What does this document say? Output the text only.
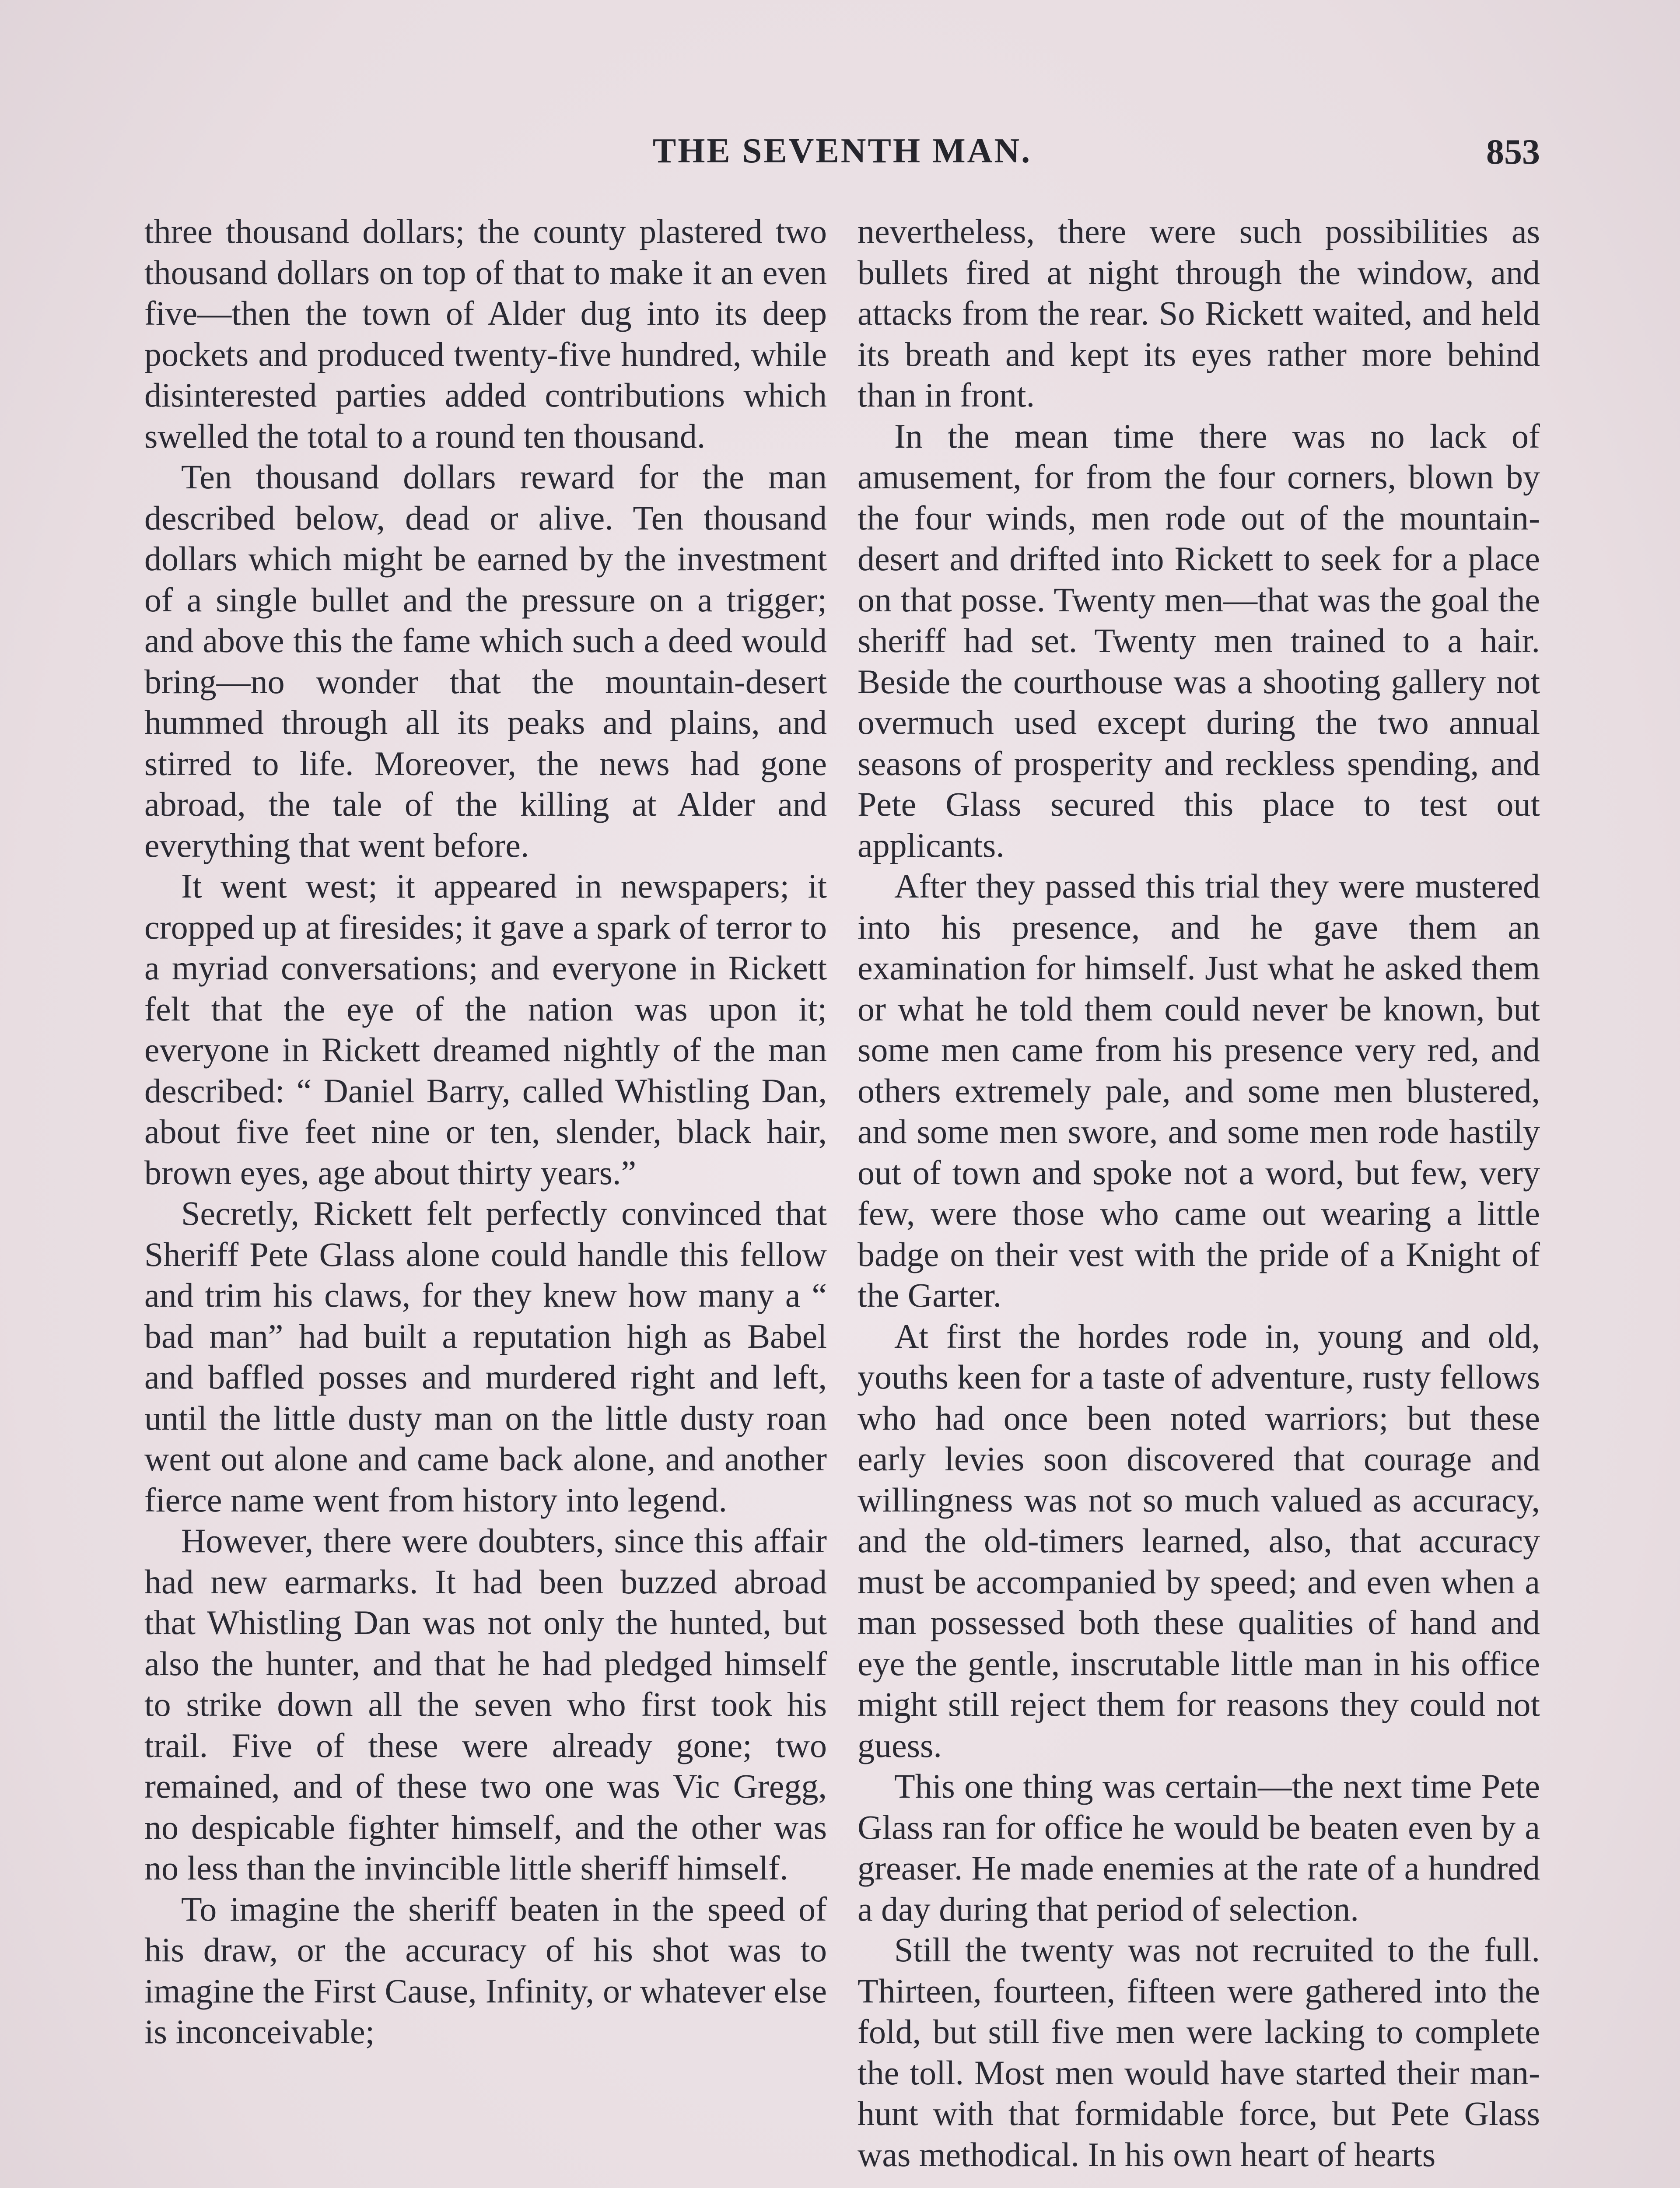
THE SEVENTH MAN.	853

three thousand dollars; the county plastered two thousand dollars on top of that to make it an even five—then the town of Alder dug into its deep pockets and produced twenty-five hundred, while disinterested parties added contributions which swelled the total to a round ten thousand.

Ten thousand dollars reward for the man described below, dead or alive. Ten thousand dollars which might be earned by the investment of a single bullet and the pressure on a trigger; and above this the fame which such a deed would bring—no wonder that the mountain-desert hummed through all its peaks and plains, and stirred to life. Moreover, the news had gone abroad, the tale of the killing at Alder and everything that went before.

It went west; it appeared in newspapers; it cropped up at firesides; it gave a spark of terror to a myriad conversations; and everyone in Rickett felt that the eye of the nation was upon it; everyone in Rickett dreamed nightly of the man described: “ Daniel Barry, called Whistling Dan, about five feet nine or ten, slender, black hair, brown eyes, age about thirty years.”

Secretly, Rickett felt perfectly convinced that Sheriff Pete Glass alone could handle this fellow and trim his claws, for they knew how many a “ bad man” had built a reputation high as Babel and baffled posses and murdered right and left, until the little dusty man on the little dusty roan went out alone and came back alone, and another fierce name went from history into legend.

However, there were doubters, since this affair had new earmarks. It had been buzzed abroad that Whistling Dan was not only the hunted, but also the hunter, and that he had pledged himself to strike down all the seven who first took his trail. Five of these were already gone; two remained, and of these two one was Vic Gregg, no despicable fighter himself, and the other was no less than the invincible little sheriff himself.

To imagine the sheriff beaten in the speed of his draw, or the accuracy of his shot was to imagine the First Cause, Infinity, or whatever else is inconceivable;

nevertheless, there were such possibilities as bullets fired at night through the window, and attacks from the rear. So Rickett waited, and held its breath and kept its eyes rather more behind than in front.

In the mean time there was no lack of amusement, for from the four corners, blown by the four winds, men rode out of the mountain-desert and drifted into Rickett to seek for a place on that posse. Twenty men—that was the goal the sheriff had set. Twenty men trained to a hair. Beside the courthouse was a shooting gallery not overmuch used except during the two annual seasons of prosperity and reckless spending, and Pete Glass secured this place to test out applicants.

After they passed this trial they were mustered into his presence, and he gave them an examination for himself. Just what he asked them or what he told them could never be known, but some men came from his presence very red, and others extremely pale, and some men blustered, and some men swore, and some men rode hastily out of town and spoke not a word, but few, very few, were those who came out wearing a little badge on their vest with the pride of a Knight of the Garter.

At first the hordes rode in, young and old, youths keen for a taste of adventure, rusty fellows who had once been noted warriors; but these early levies soon discovered that courage and willingness was not so much valued as accuracy, and the old-timers learned, also, that accuracy must be accompanied by speed; and even when a man possessed both these qualities of hand and eye the gentle, inscrutable little man in his office might still reject them for reasons they could not guess.

This one thing was certain—the next time Pete Glass ran for office he would be beaten even by a greaser. He made enemies at the rate of a hundred a day during that period of selection.

Still the twenty was not recruited to the full. Thirteen, fourteen, fifteen were gathered into the fold, but still five men were lacking to complete the toll. Most men would have started their man-hunt with that formidable force, but Pete Glass was methodical. In his own heart of hearts
